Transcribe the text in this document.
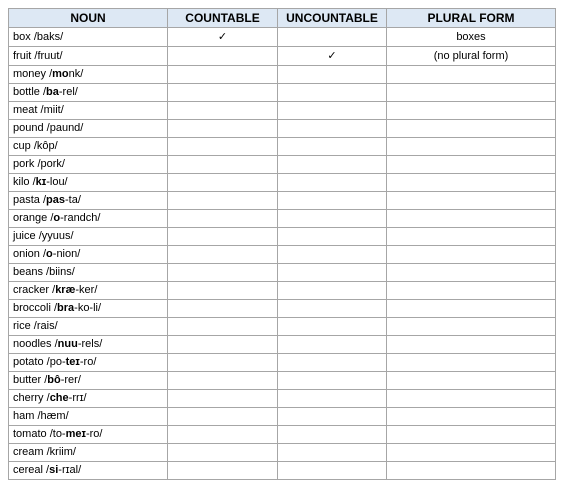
NOUN	COUNTABLE	UNCOUNTABLE	PLURAL FORM
box /baks/	✓		boxes
fruit /fruut/		✓	(no plural form)
money /monk/			
bottle /ba-rel/			
meat /miit/			
pound /paund/			
cup /kôp/			
pork /pork/			
kilo /kɪ-lou/			
pasta /pas-ta/			
orange /o-randch/			
juice /yyuus/			
onion /o-nion/			
beans /biins/			
cracker /kræ-ker/			
broccoli /bra-ko-li/			
rice /rais/			
noodles /nuu-rels/			
potato /po-teɪ-ro/			
butter /bô-rer/			
cherry /che-rrɪ/			
ham /hæm/			
tomato /to-meɪ-ro/			
cream /kriim/			
cereal /si-rɪal/			
